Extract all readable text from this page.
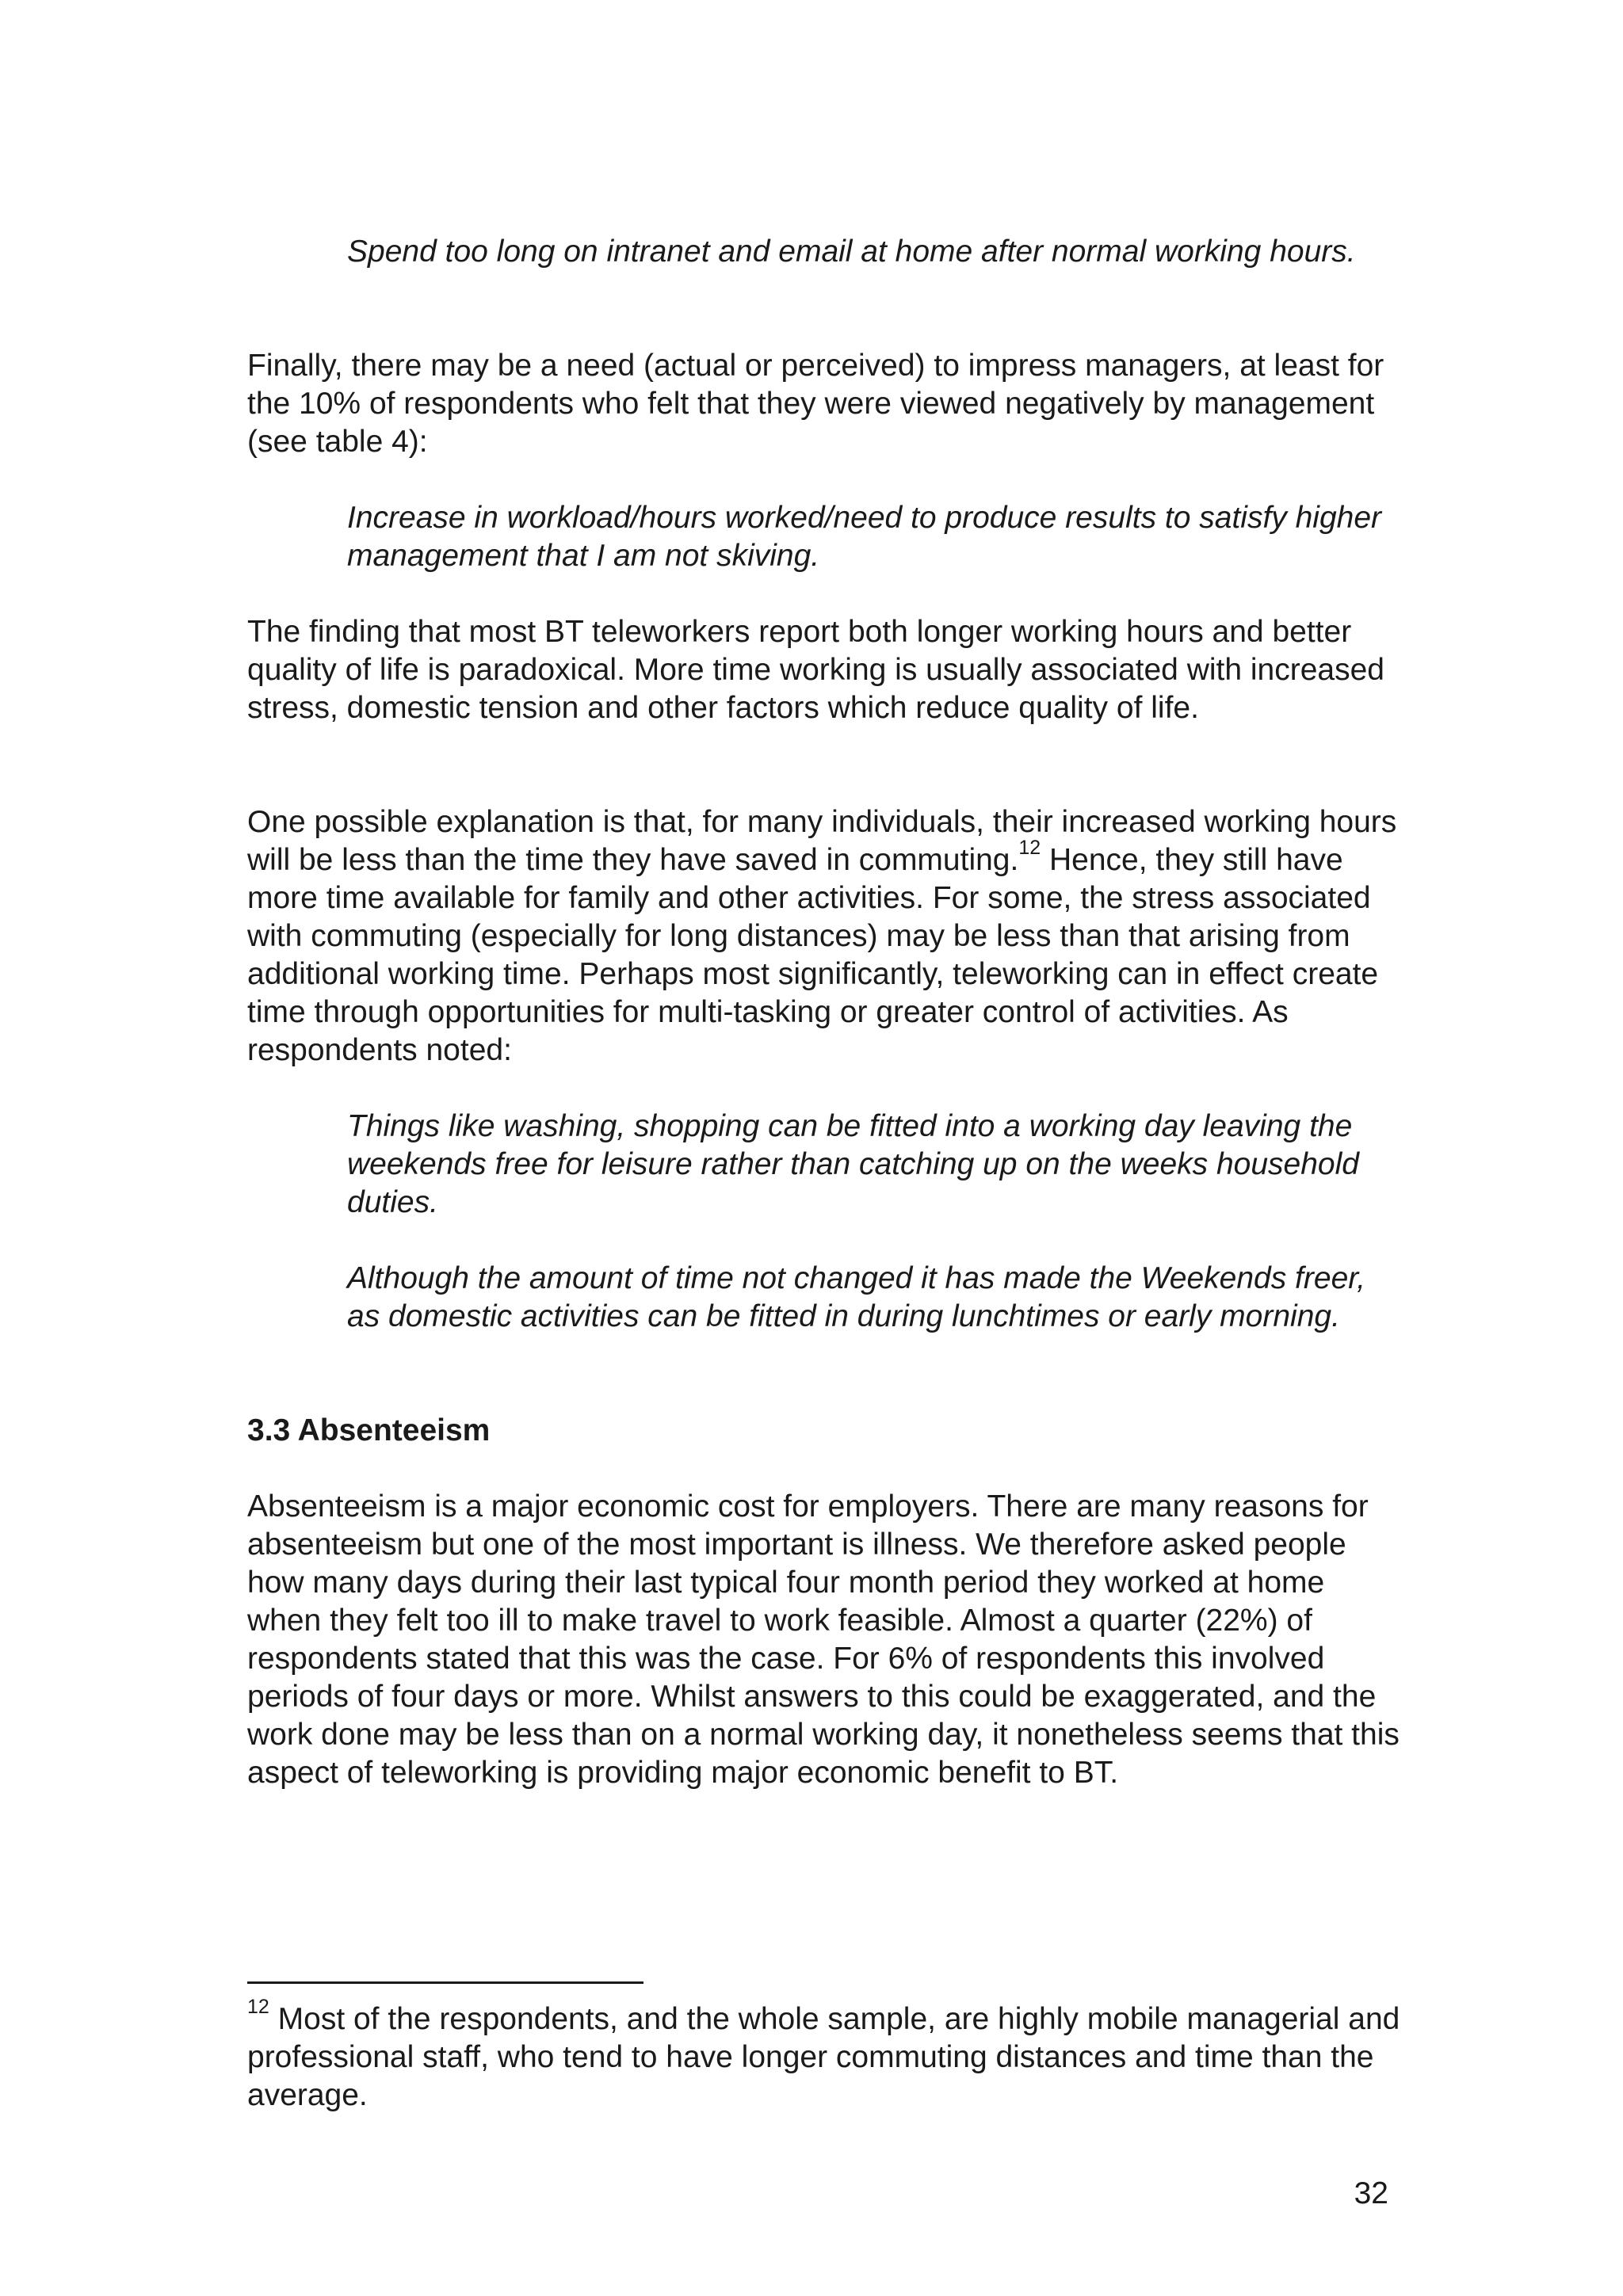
Spend too long on intranet and email at home after normal working hours.

Finally, there may be a need (actual or perceived) to impress managers, at least for the 10% of respondents who felt that they were viewed negatively by management (see table 4):

Increase in workload/hours worked/need to produce results to satisfy higher management that I am not skiving.

The finding that most BT teleworkers report both longer working hours and better quality of life is paradoxical. More time working is usually associated with increased stress, domestic tension and other factors which reduce quality of life.

One possible explanation is that, for many individuals, their increased working hours will be less than the time they have saved in commuting.$^{12}$ Hence, they still have more time available for family and other activities. For some, the stress associated with commuting (especially for long distances) may be less than that arising from additional working time. Perhaps most significantly, teleworking can in effect create time through opportunities for multi-tasking or greater control of activities. As respondents noted:

Things like washing, shopping can be fitted into a working day leaving the weekends free for leisure rather than catching up on the weeks household duties.

Although the amount of time not changed it has made the Weekends freer, as domestic activities can be fitted in during lunchtimes or early morning.

3.3 Absenteeism

Absenteeism is a major economic cost for employers. There are many reasons for absenteeism but one of the most important is illness. We therefore asked people how many days during their last typical four month period they worked at home when they felt too ill to make travel to work feasible. Almost a quarter (22%) of respondents stated that this was the case. For 6% of respondents this involved periods of four days or more. Whilst answers to this could be exaggerated, and the work done may be less than on a normal working day, it nonetheless seems that this aspect of teleworking is providing major economic benefit to BT.

$^{12}$ Most of the respondents, and the whole sample, are highly mobile managerial and professional staff, who tend to have longer commuting distances and time than the average.

32
